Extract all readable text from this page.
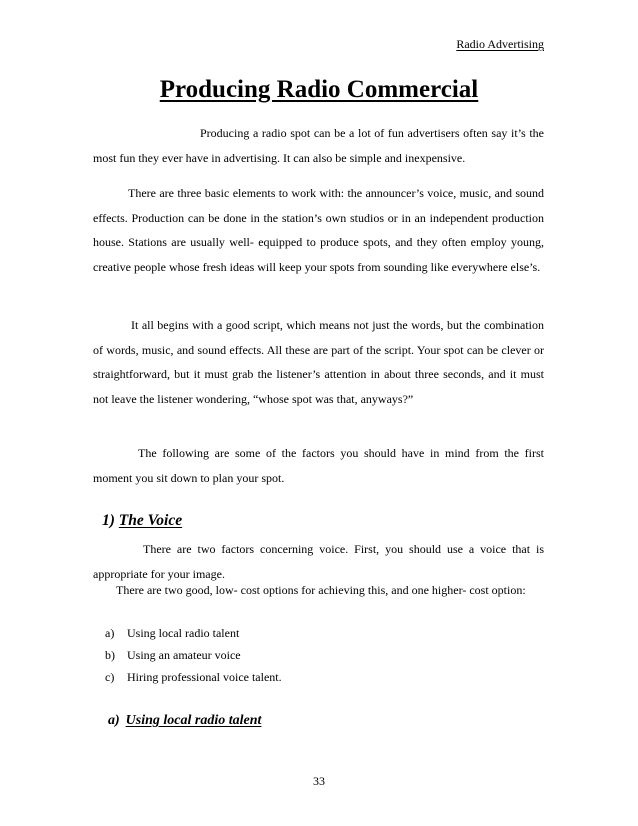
Radio Advertising
Producing Radio Commercial

Producing a radio spot can be a lot of fun advertisers often say it’s the most fun they ever have in advertising. It can also be simple and inexpensive.

There are three basic elements to work with: the announcer’s voice, music, and sound effects. Production can be done in the station’s own studios or in an independent production house. Stations are usually well- equipped to produce spots, and they often employ young, creative people whose fresh ideas will keep your spots from sounding like everywhere else’s.

It all begins with a good script, which means not just the words, but the combination of words, music, and sound effects. All these are part of the script. Your spot can be clever or straightforward, but it must grab the listener’s attention in about three seconds, and it must not leave the listener wondering, “whose spot was that, anyways?”

The following are some of the factors you should have in mind from the first moment you sit down to plan your spot.

1) The Voice

There are two factors concerning voice. First, you should use a voice that is appropriate for your image.

There are two good, low- cost options for achieving this, and one higher- cost option:

a) Using local radio talent
b) Using an amateur voice
c) Hiring professional voice talent.
a) Using local radio talent
33
